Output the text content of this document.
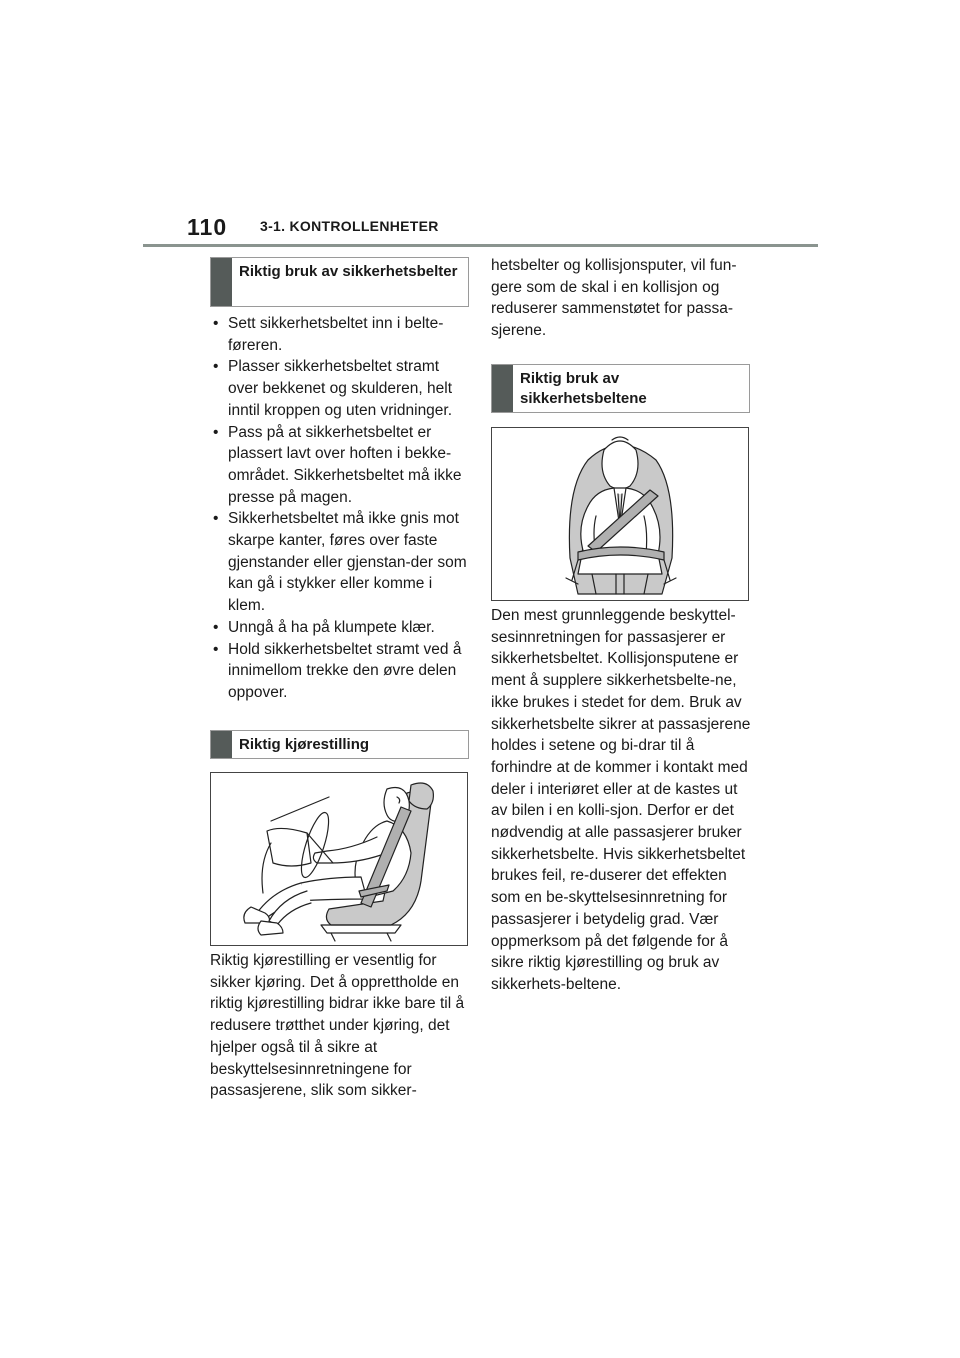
110 3-1. KONTROLLENHETER
Riktig bruk av sikkerhetsbelter
• Sett sikkerhetsbeltet inn i belte-føreren.
• Plasser sikkerhetsbeltet stramt over bekkenet og skulderen, helt inntil kroppen og uten vridninger.
• Pass på at sikkerhetsbeltet er plassert lavt over hoften i bekke-området. Sikkerhetsbeltet må ikke presse på magen.
• Sikkerhetsbeltet må ikke gnis mot skarpe kanter, føres over faste gjenstander eller gjenstan-der som kan gå i stykker eller komme i klem.
• Unngå å ha på klumpete klær.
• Hold sikkerhetsbeltet stramt ved å innimellom trekke den øvre delen oppover.
Riktig kjørestilling

Riktig kjørestilling er vesentlig for sikker kjøring. Det å opprettholde en riktig kjørestilling bidrar ikke bare til å redusere trøtthet under kjøring, det hjelper også til å sikre at beskyttelsesinnretningene for passasjerene, slik som sikker-

hetsbelter og kollisjonsputer, vil fun-gere som de skal i en kollisjon og reduserer sammenstøtet for passa-sjerene.

Riktig bruk av sikkerhetsbeltene

Den mest grunnleggende beskyttel-sesinnretningen for passasjerer er sikkerhetsbeltet. Kollisjonsputene er ment å supplere sikkerhetsbelte-ne, ikke brukes i stedet for dem. Bruk av sikkerhetsbelte sikrer at passasjerene holdes i setene og bi-drar til å forhindre at de kommer i kontakt med deler i interiøret eller at de kastes ut av bilen i en kolli-sjon. Derfor er det nødvendig at alle passasjerer bruker sikkerhetsbelte. Hvis sikkerhetsbeltet brukes feil, re-duserer det effekten som en be-skyttelsesinnretning for passasjerer i betydelig grad. Vær oppmerksom på det følgende for å sikre riktig kjørestilling og bruk av sikkerhets-beltene.
